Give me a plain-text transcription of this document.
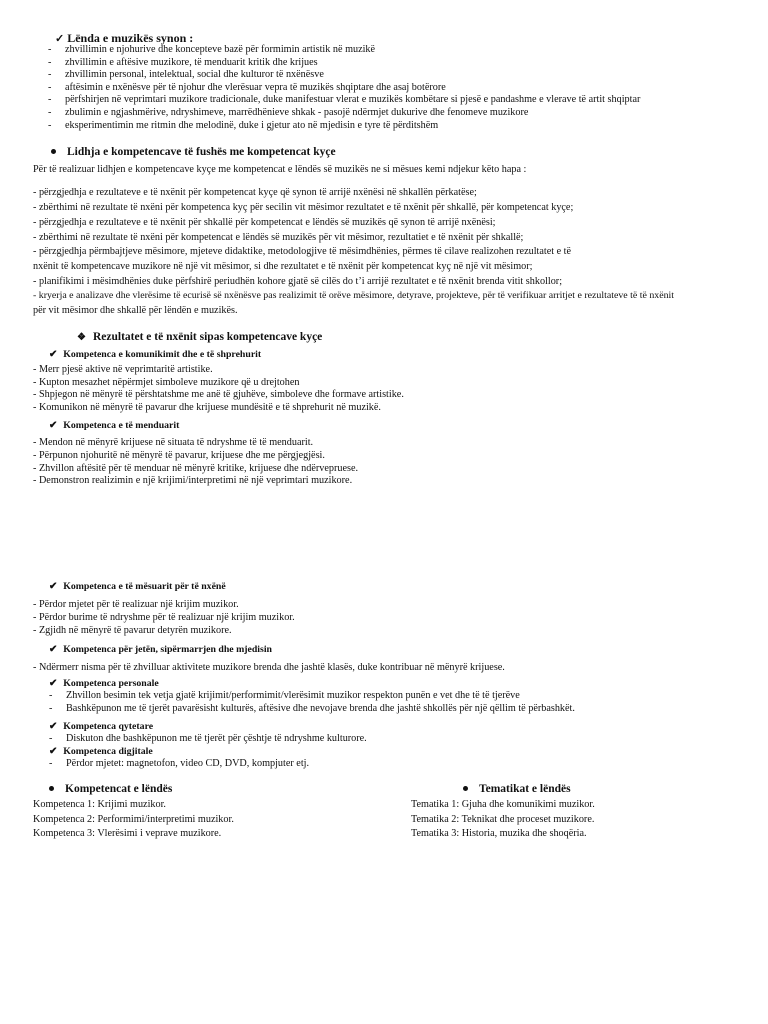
✓ Lënda e muzikës synon :
- zhvillimin e njohurive dhe koncepteve bazë për formimin artistik në muzikë
- zhvillimin e aftësive muzikore, të menduarit kritik dhe krijues
- zhvillimin personal, intelektual, social dhe kulturor të nxënësve
- aftësimin e nxënësve për të njohur dhe vlerësuar vepra të muzikës shqiptare dhe asaj botërore
- përfshirjen në veprimtari muzikore tradicionale, duke manifestuar vlerat e muzikës kombëtare si pjesë e pandashme e vlerave të artit shqiptar
- zbulimin e ngjashmërive, ndryshimeve, marrëdhënieve shkak - pasojë ndërmjet dukurive dhe fenomeve muzikore
- eksperimentimin me ritmin dhe melodinë, duke i gjetur ato në mjedisin e tyre të përditshëm
Lidhja e kompetencave të fushës me kompetencat kyçe
Për të realizuar lidhjen e kompetencave kyçe me kompetencat e lëndës së muzikës ne si mësues kemi ndjekur këto hapa :
- përzgjedhja e rezultateve e të nxënit për kompetencat kyçe që synon të arrijë nxënësi në shkallën përkatëse;
- zbërthimi në rezultate të nxëni për kompetenca kyç për secilin vit mësimor rezultatet e të nxënit për shkallë, për kompetencat kyçe;
- përzgjedhja e rezultateve e të nxënit për shkallë për kompetencat e lëndës së muzikës që synon të arrijë nxënësi;
- zbërthimi në rezultate të nxëni për kompetencat e lëndës së muzikës për vit mësimor, rezultatiet e të nxënit për shkallë;
- përzgjedhja përmbajtjeve mësimore, mjeteve didaktike, metodologjive të mësimdhënies, përmes të cilave realizohen rezultatet e të
nxënit të kompetencave muzikore në një vit mësimor, si dhe rezultatet e të nxënit për kompetencat kyç në një vit mësimor;
- planifikimi i mësimdhënies duke përfshirë periudhën kohore gjatë së cilës do t’i arrijë rezultatet e të nxënit brenda vitit shkollor;
- kryerja e analizave dhe vlerësime të ecurisë së nxënësve pas realizimit të orëve mësimore, detyrave, projekteve, për të verifikuar arritjet e rezultateve të të nxënit
për vit mësimor dhe shkallë për lëndën e muzikës.
❖ Rezultatet e të nxënit sipas kompetencave kyçe
✔ Kompetenca e komunikimit dhe e të shprehurit
- Merr pjesë aktive në veprimtaritë artistike.
- Kupton mesazhet nëpërmjet simboleve muzikore që u drejtohen
- Shpjegon në mënyrë të përshtatshme me anë të gjuhëve, simboleve dhe formave artistike.
- Komunikon në mënyrë të pavarur dhe krijuese mundësitë e të shprehurit në muzikë.
✔ Kompetenca e të menduarit
- Mendon në mënyrë krijuese në situata të ndryshme të të menduarit.
- Përpunon njohuritë në mënyrë të pavarur, krijuese dhe me përgjegjësi.
- Zhvillon aftësitë për të menduar në mënyrë kritike, krijuese dhe ndërvepruese.
- Demonstron realizimin e një krijimi/interpretimi në një veprimtari muzikore.
✔ Kompetenca e të mësuarit për të nxënë
- Përdor mjetet për të realizuar një krijim muzikor.
- Përdor burime të ndryshme për të realizuar një krijim muzikor.
- Zgjidh në mënyrë të pavarur detyrën muzikore.
✔ Kompetenca për jetën, sipërmarrjen dhe mjedisin
- Ndërmerr nisma për të zhvilluar aktivitete muzikore brenda dhe jashtë klasës, duke kontribuar në mënyrë krijuese.
✔ Kompetenca personale
- Zhvillon besimin tek vetja gjatë krijimit/performimit/vlerësimit muzikor respekton punën e vet dhe të të tjerëve
- Bashkëpunon me të tjerët pavarësisht kulturës, aftësive dhe nevojave brenda dhe jashtë shkollës për një qëllim të përbashkët.
✔ Kompetenca qytetare
- Diskuton dhe bashkëpunon me të tjerët për çështje të ndryshme kulturore.
✔ Kompetenca digjitale
- Përdor mjetet: magnetofon, video CD, DVD, kompjuter etj.
Kompetencat e lëndës
Kompetenca 1: Krijimi muzikor.
Kompetenca 2: Performimi/interpretimi muzikor.
Kompetenca 3: Vlerësimi i veprave muzikore.
Tematikat e lëndës
Tematika 1: Gjuha dhe komunikimi muzikor.
Tematika 2: Teknikat dhe proceset muzikore.
Tematika 3: Historia, muzika dhe shoqëria.
